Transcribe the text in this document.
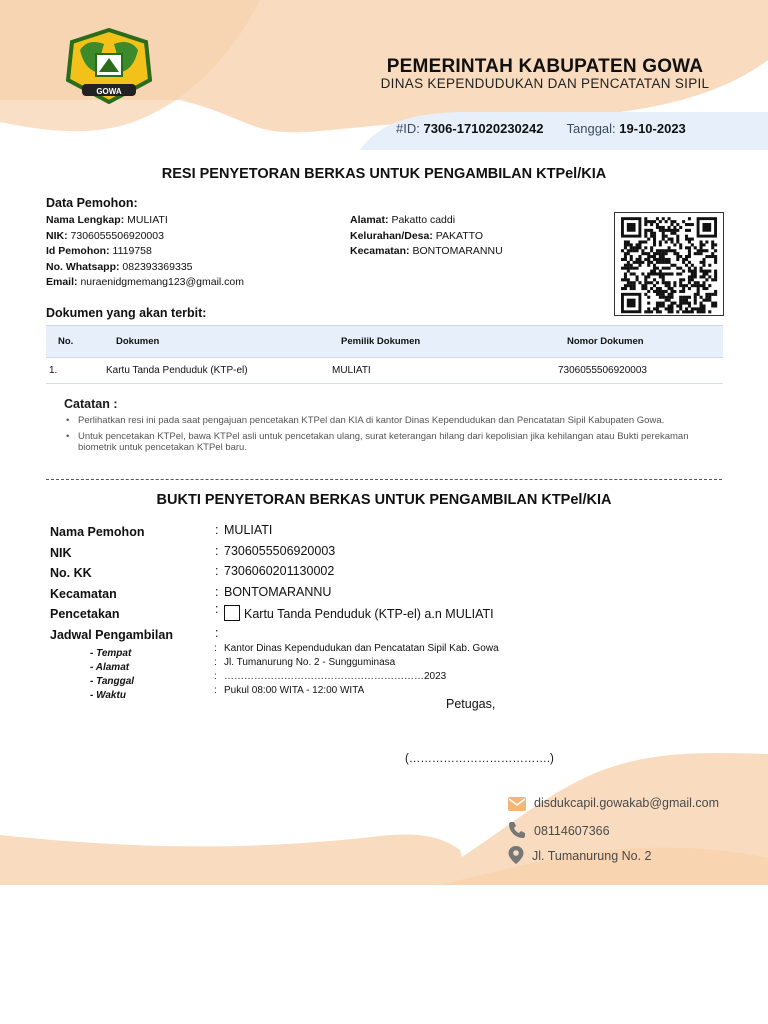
GOWA
PEMERINTAH KABUPATEN GOWA
DINAS KEPENDUDUKAN DAN PENCATATAN SIPIL
#ID: 7306-171020230242 Tanggal: 19-10-2023
RESI PENYETORAN BERKAS UNTUK PENGAMBILAN KTPel/KIA
Data Pemohon:
Nama Lengkap: MULIATI
NIK: 7306055506920003
Id Pemohon: 1119758
No. Whatsapp: 082393369335
Email: nuraenidgmemang123@gmail.com
Alamat: Pakatto caddi
Kelurahan/Desa: PAKATTO
Kecamatan: BONTOMARANNU
Dokumen yang akan terbit:
No.	Dokumen	Pemilik Dokumen	Nomor Dokumen
1.	Kartu Tanda Penduduk (KTP-el)	MULIATI	7306055506920003
Catatan :
• Perlihatkan resi ini pada saat pengajuan pencetakan KTPel dan KIA di kantor Dinas Kependudukan dan Pencatatan Sipil Kabupaten Gowa.
• Untuk pencetakan KTPel, bawa KTPel asli untuk pencetakan ulang, surat keterangan hilang dari kepolisian jika kehilangan atau Bukti perekaman biometrik untuk pencetakan KTPel baru.
BUKTI PENYETORAN BERKAS UNTUK PENGAMBILAN KTPel/KIA
Nama Pemohon	: MULIATI
NIK	: 7306055506920003
No. KK	: 7306060201130002
Kecamatan	: BONTOMARANNU
Pencetakan	:	Kartu Tanda Penduduk (KTP-el) a.n MULIATI
Jadwal Pengambilan	:
- Tempat	: Kantor Dinas Kependudukan dan Pencatatan Sipil Kab. Gowa
- Alamat	: Jl. Tumanurung No. 2 - Sungguminasa
- Tanggal	: ……………………………………………………2023
- Waktu	: Pukul 08:00 WITA - 12:00 WITA
Petugas,
(……………………………….)
disdukcapil.gowakab@gmail.com
08114607366
Jl. Tumanurung No. 2
